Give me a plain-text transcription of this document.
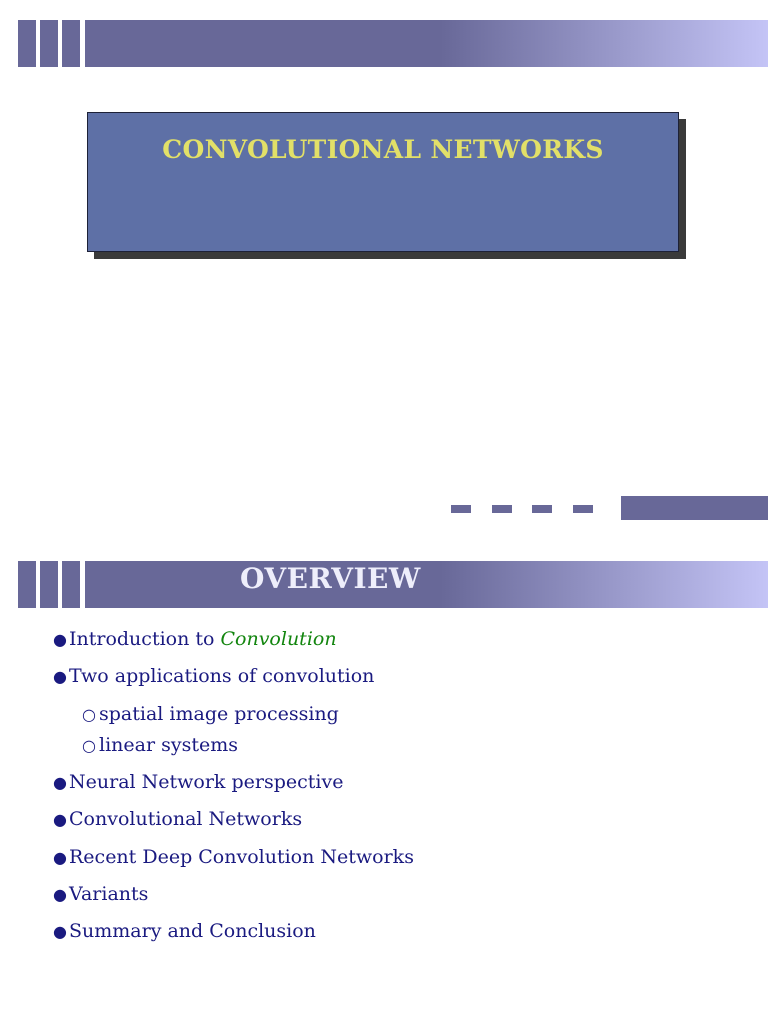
CONVOLUTIONAL NETWORKS
OVERVIEW
● Introduction to Convolution
● Two applications of convolution
○ spatial image processing
○ linear systems
● Neural Network perspective
● Convolutional Networks
● Recent Deep Convolution Networks
● Variants
● Summary and Conclusion
